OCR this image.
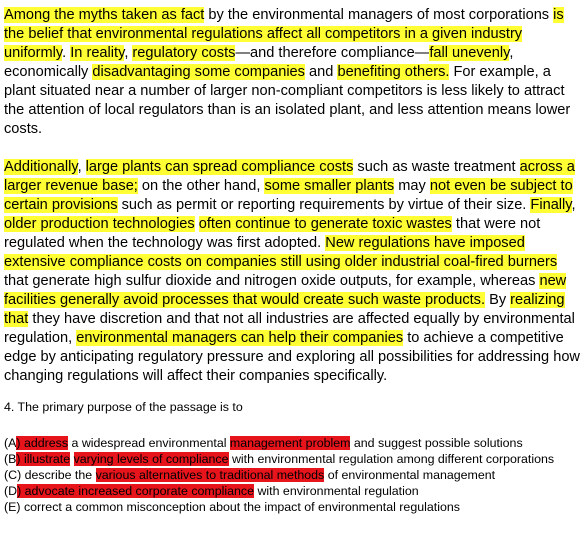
Among the myths taken as fact by the environmental managers of most corporations is the belief that environmental regulations affect all competitors in a given industry uniformly. In reality, regulatory costs—and therefore compliance—fall unevenly, economically disadvantaging some companies and benefiting others. For example, a plant situated near a number of larger non-compliant competitors is less likely to attract the attention of local regulators than is an isolated plant, and less attention means lower costs.

Additionally, large plants can spread compliance costs such as waste treatment across a larger revenue base; on the other hand, some smaller plants may not even be subject to certain provisions such as permit or reporting requirements by virtue of their size. Finally, older production technologies often continue to generate toxic wastes that were not regulated when the technology was first adopted. New regulations have imposed extensive compliance costs on companies still using older industrial coal-fired burners that generate high sulfur dioxide and nitrogen oxide outputs, for example, whereas new facilities generally avoid processes that would create such waste products. By realizing that they have discretion and that not all industries are affected equally by environmental regulation, environmental managers can help their companies to achieve a competitive edge by anticipating regulatory pressure and exploring all possibilities for addressing how changing regulations will affect their companies specifically.

4. The primary purpose of the passage is to

(A) address a widespread environmental management problem and suggest possible solutions
(B) illustrate varying levels of compliance with environmental regulation among different corporations
(C) describe the various alternatives to traditional methods of environmental management
(D) advocate increased corporate compliance with environmental regulation
(E) correct a common misconception about the impact of environmental regulations
